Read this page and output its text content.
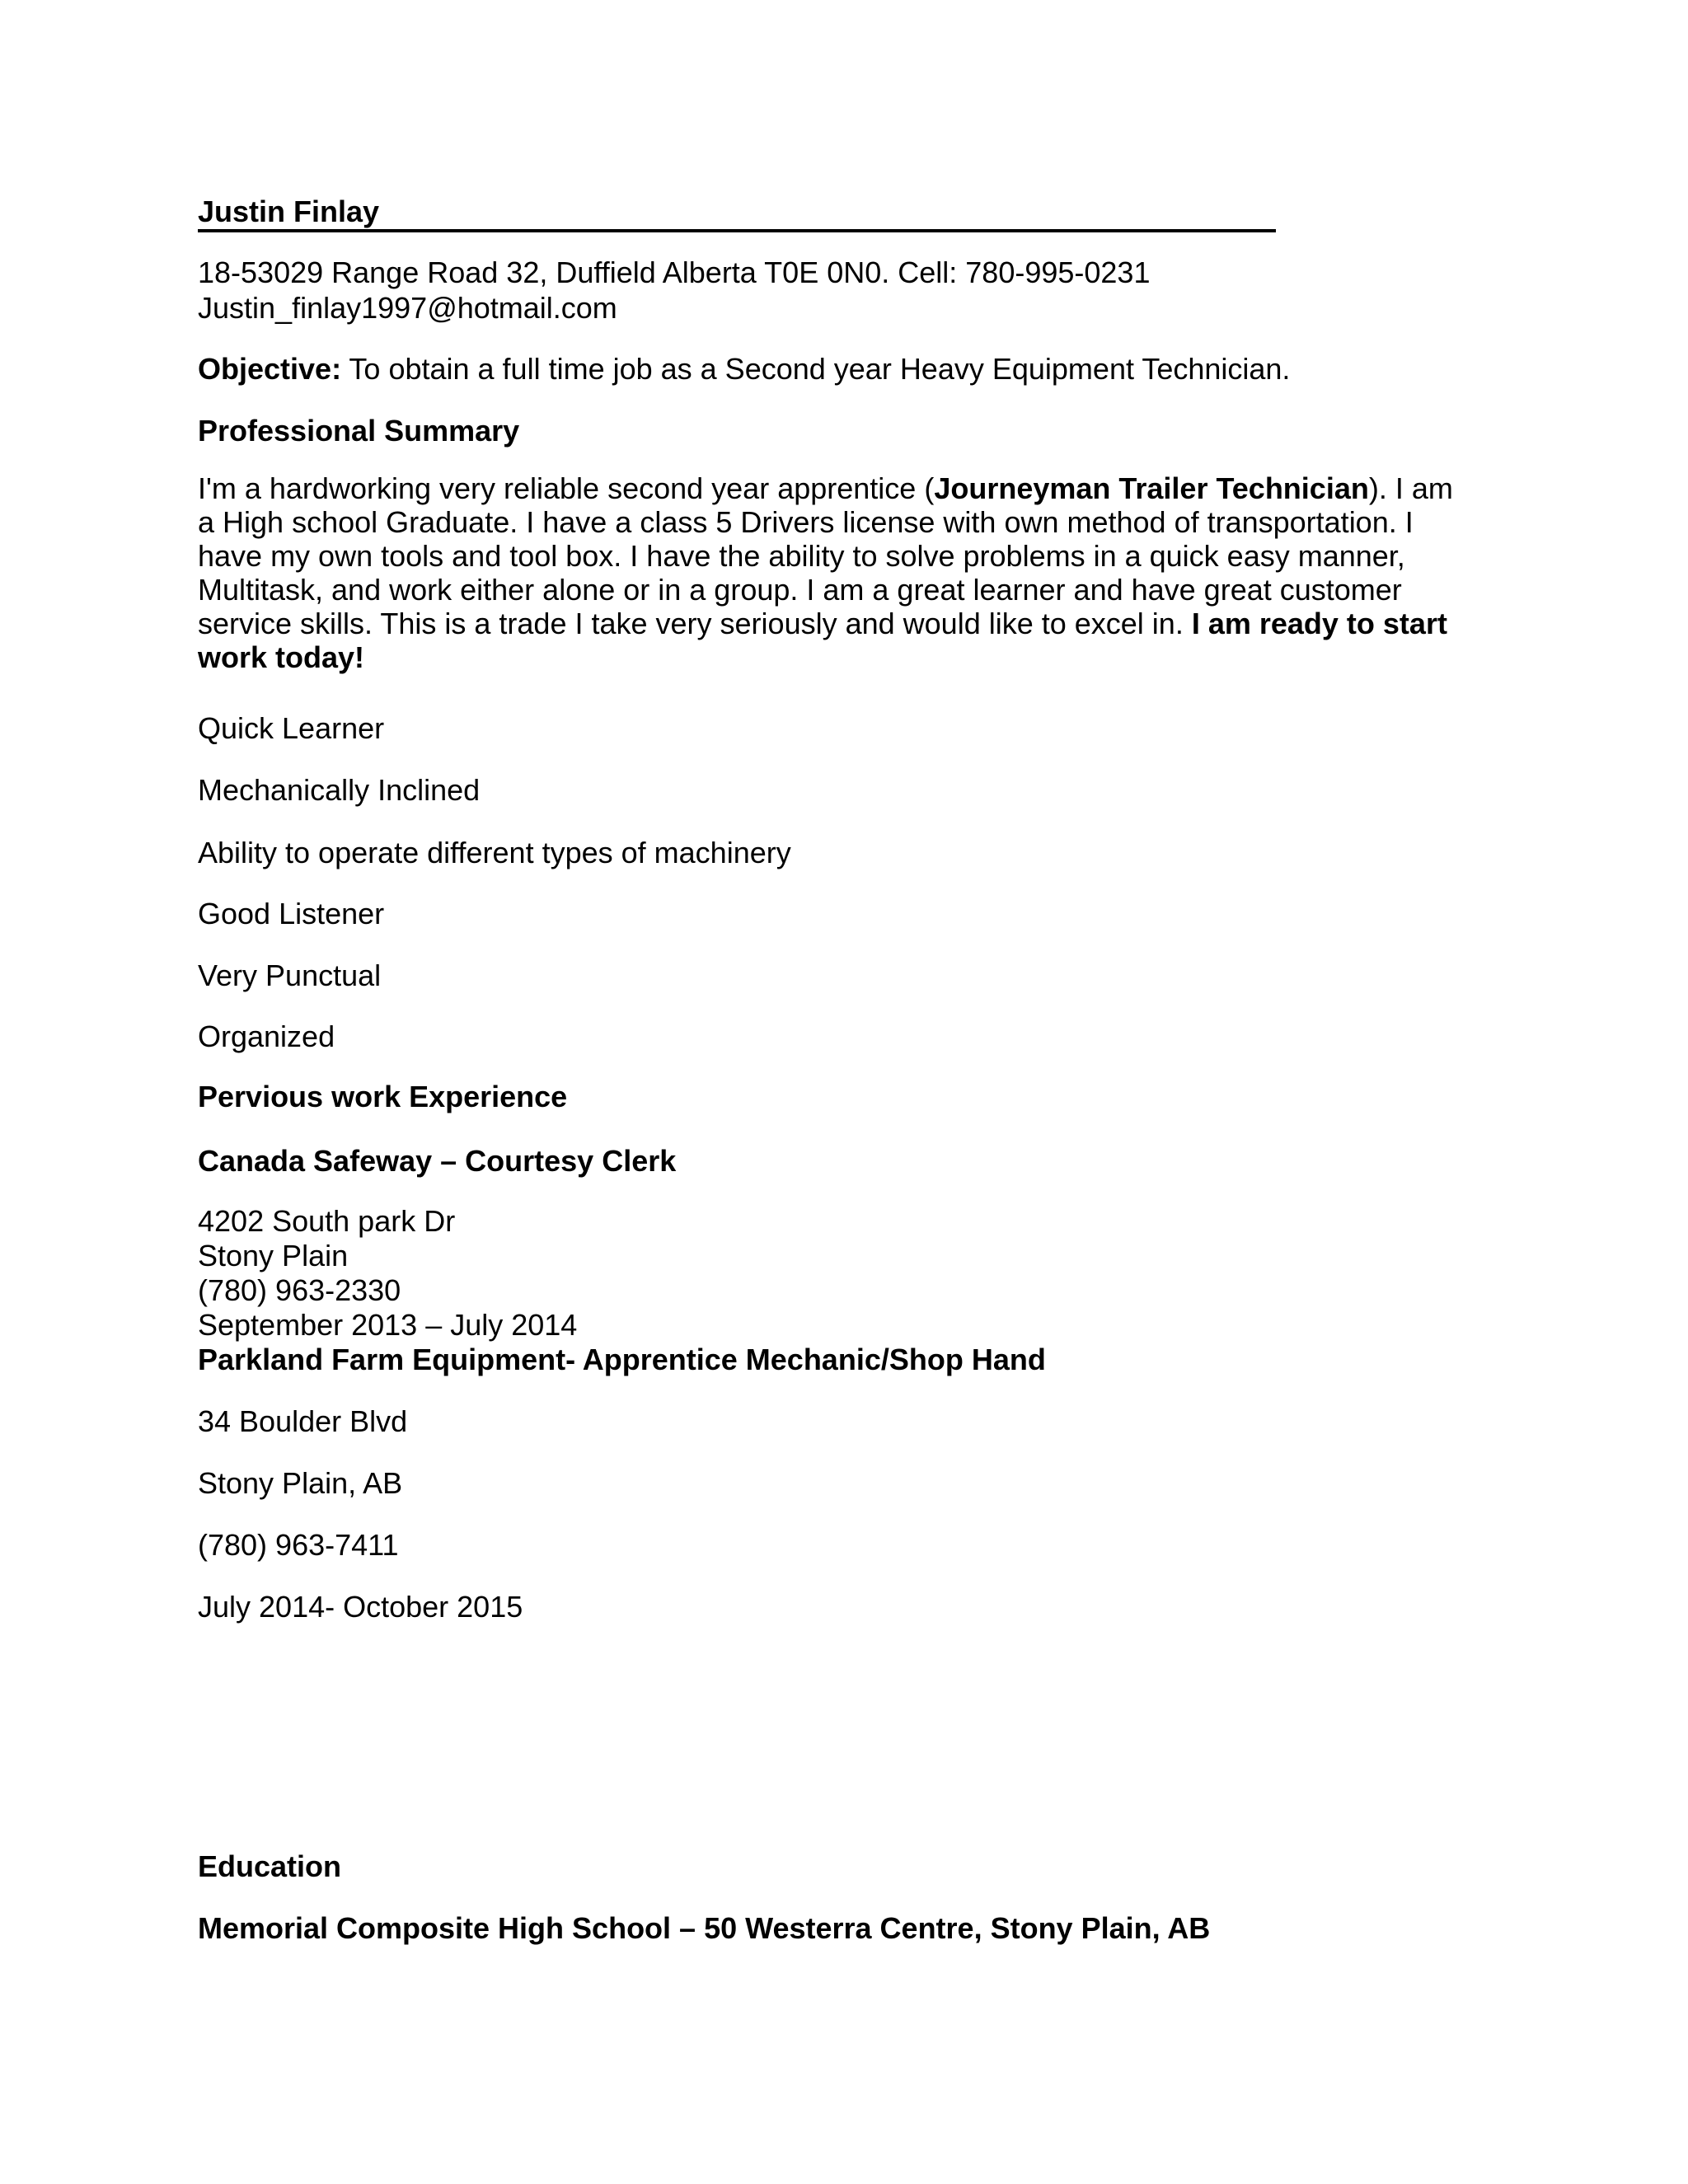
Justin Finlay
18-53029 Range Road 32, Duffield Alberta T0E 0N0. Cell: 780-995-0231
Justin_finlay1997@hotmail.com
Objective: To obtain a full time job as a Second year Heavy Equipment Technician.
Professional Summary
I'm a hardworking very reliable second year apprentice (Journeyman Trailer Technician). I am
a High school Graduate. I have a class 5 Drivers license with own method of transportation. I
have my own tools and tool box. I have the ability to solve problems in a quick easy manner,
Multitask, and work either alone or in a group. I am a great learner and have great customer
service skills. This is a trade I take very seriously and would like to excel in. I am ready to start
work today!
Quick Learner
Mechanically Inclined
Ability to operate different types of machinery
Good Listener
Very Punctual
Organized
Pervious work Experience
Canada Safeway – Courtesy Clerk
4202 South park Dr
Stony Plain
(780) 963-2330
September 2013 – July 2014
Parkland Farm Equipment- Apprentice Mechanic/Shop Hand
34 Boulder Blvd
Stony Plain, AB
(780) 963-7411
July 2014- October 2015
Education
Memorial Composite High School – 50 Westerra Centre, Stony Plain, AB
